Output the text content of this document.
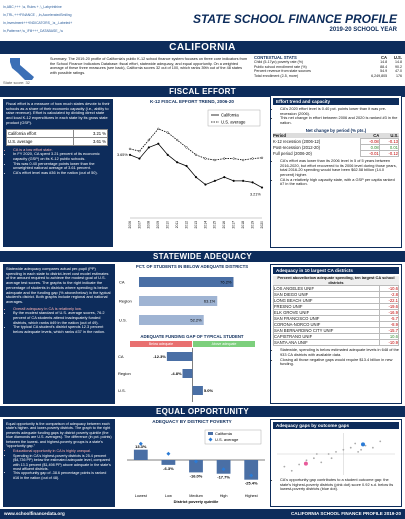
In,ABC,+++ ,\s, Rules + ,\_Labyrinthine
In,TRL,+++FINANCE , ,In,AcceleratedSmiling
In,Investment+++INDICATORS_,\s_,Labeled+
In,Patterns+,\s_\Fill+++_DATABASE_,\s
STATE SCHOOL FINANCE PROFILE
2019-20 SCHOOL YEAR
CALIFORNIA
State score: 32
Summary: The 2019-20 profile of California's public K-12 school finance system focuses on three core indicators from the School Finance Indicators Database: fiscal effort, statewide adequacy, and equal opportunity. On a weighted average of these three measures (see back), California scores 32 out of 100, which ranks 39th out of the 48 states with possible ratings.
CONTEXTUAL STATS	CA	U.S.
Child (5-17yo) poverty rate (%)	14.8	14.8
Public school enrollment rate (%)	88.4	90.2
Percent revenue from state sources	54.9	47.0
Total enrollment (2-5, more)	6,249,805	176
FISCAL EFFORT
Fiscal effort is a measure of how much states devote to their schools as a share of their economic capacity (i.e., ability to raise revenue). Effort is calculated by dividing direct state and local K-12 expenditures in each state by its gross state product (GSP).
California effort	3.21 %
U.S. average	3.61 %
• CA is a low effort state.
• In FY 2020, CA spent 3.21 percent of its economic capacity (GSP) on its K-12 public schools.
• This was 0.40 percentage points lower than the unweighted national average of 3.61 percent.
• CA's effort level was #36 in the nation (out of 50).
K-12 FISCAL EFFORT TREND, 2006-20
California
U.S. average
3.65%
3.21%
2006 2007 2008 2009 2010 2011 2012 2013 2014 2015 2016 2017 2018 2019 2020
Effort trend and capacity
• CA's 2020 effort level is 0.40 pct. points lower than it was pre-recession (2006).
• This net change in effort between 2006 and 2020 is ranked #3 in the nation.
Net change by period (% pts.)
Period	CA	U.S.
K-12 recession (2006-12)	-0.08	-0.13
Post-recession (2012-20)	0.08	0.01
Full period (2006-20)	-0.01	-0.12
• CA's effort was lower than its 2006 level in 5 of 5 years between 2016-2020, but effort recovered to its 2006 level during those years, total 2016-20 spending would have been $62.58 billion (14.0 percent) higher.
• CA is a relatively high capacity state, with a GSP per capita ranked #7 in the nation.
STATEWIDE ADEQUACY
Statewide adequacy compares actual per-pupil (PP) spending in each state to district-level cost model estimates of the amount required to achieve the modest goal of U.S. average test scores. The graphs to the right indicate the percentage of students in districts where spending is below adequate and the funding gap (% above/below) in the typical student's district. Both graphs include regional and national averages.
• Overall adequacy in CA is relatively low.
• By the modest standard of U.S. average scores, 76.2 percent of CA students attend inadequately funded districts, which ranks #49 in the nation (out of 49).
• The typical CA student's district spends 12.3 percent below adequate levels, which ranks #37 in the nation.
PCT. OF STUDENTS IN BELOW ADEQUATE DISTRICTS
CA	76.2%
Region	63.1%
U.S.	52.2%
ADEQUATE FUNDING GAP OF TYPICAL STUDENT
Below adequate	Above adequate
CA	-12.3%
Region	-4.8%
U.S.	5.0%
Adequacy in 10 largest CA districts
Percent above/below adequate spending, ten largest CA school districts
LOS ANGELES UNIF	-10.6
SAN DIEGO UNIF	-2.8
LONG BEACH UNIF	-22.1
FRESNO UNIF	-19.6
ELK GROVE UNIF	-16.9
SAN FRANCISCO UNIF	-5.7
CORONA-NORCO UNIF	-8.9
SAN BERNARDINO CITY UNIF	-15.7
CAPISTRANO UNIF	10.6
SANTA ANA UNIF	-10.9
• Statewide, spending is below estimated adequate levels in 648 of the 933 CA districts with available data.
• Closing all those negative gaps would require $13.4 billion in new funding.
EQUAL OPPORTUNITY
Equal opportunity is the comparison of adequacy between each state's higher- and lower-poverty districts. The graph to the right presents adequate funding gaps by district poverty quintile (the blue diamonds are U.S. averages). The difference (in pct. points) between the lowest- and highest-poverty groups is a state's "opportunity gap."
• Educational opportunity in CA is highly unequal.
• Spending in CA's highest-poverty districts is 25.4 percent ($4,736 PP) below the estimated adequate level, compared with 13.3 percent ($1,498 PP) above adequate in the state's most affluent districts.
• This opportunity gap of -38.6 percentage points is ranked #16 in the nation (out of 48).
ADEQUACY BY DISTRICT POVERTY
California
U.S. average
13.3%
Lowest
-6.3%
Low
-16.0%
Medium
-17.7%
High
-25.4%
Highest
District poverty quintile
Adequacy gaps by outcome gaps
• CA's opportunity gap contributes to a student outcome gap: the state's highest-poverty districts (pink dot) score 0.92 s.d. below its lowest-poverty districts (blue dot).
www.schoolfinancedata.org	CALIFORNIA SCHOOL FINANCE PROFILE 2019-20
